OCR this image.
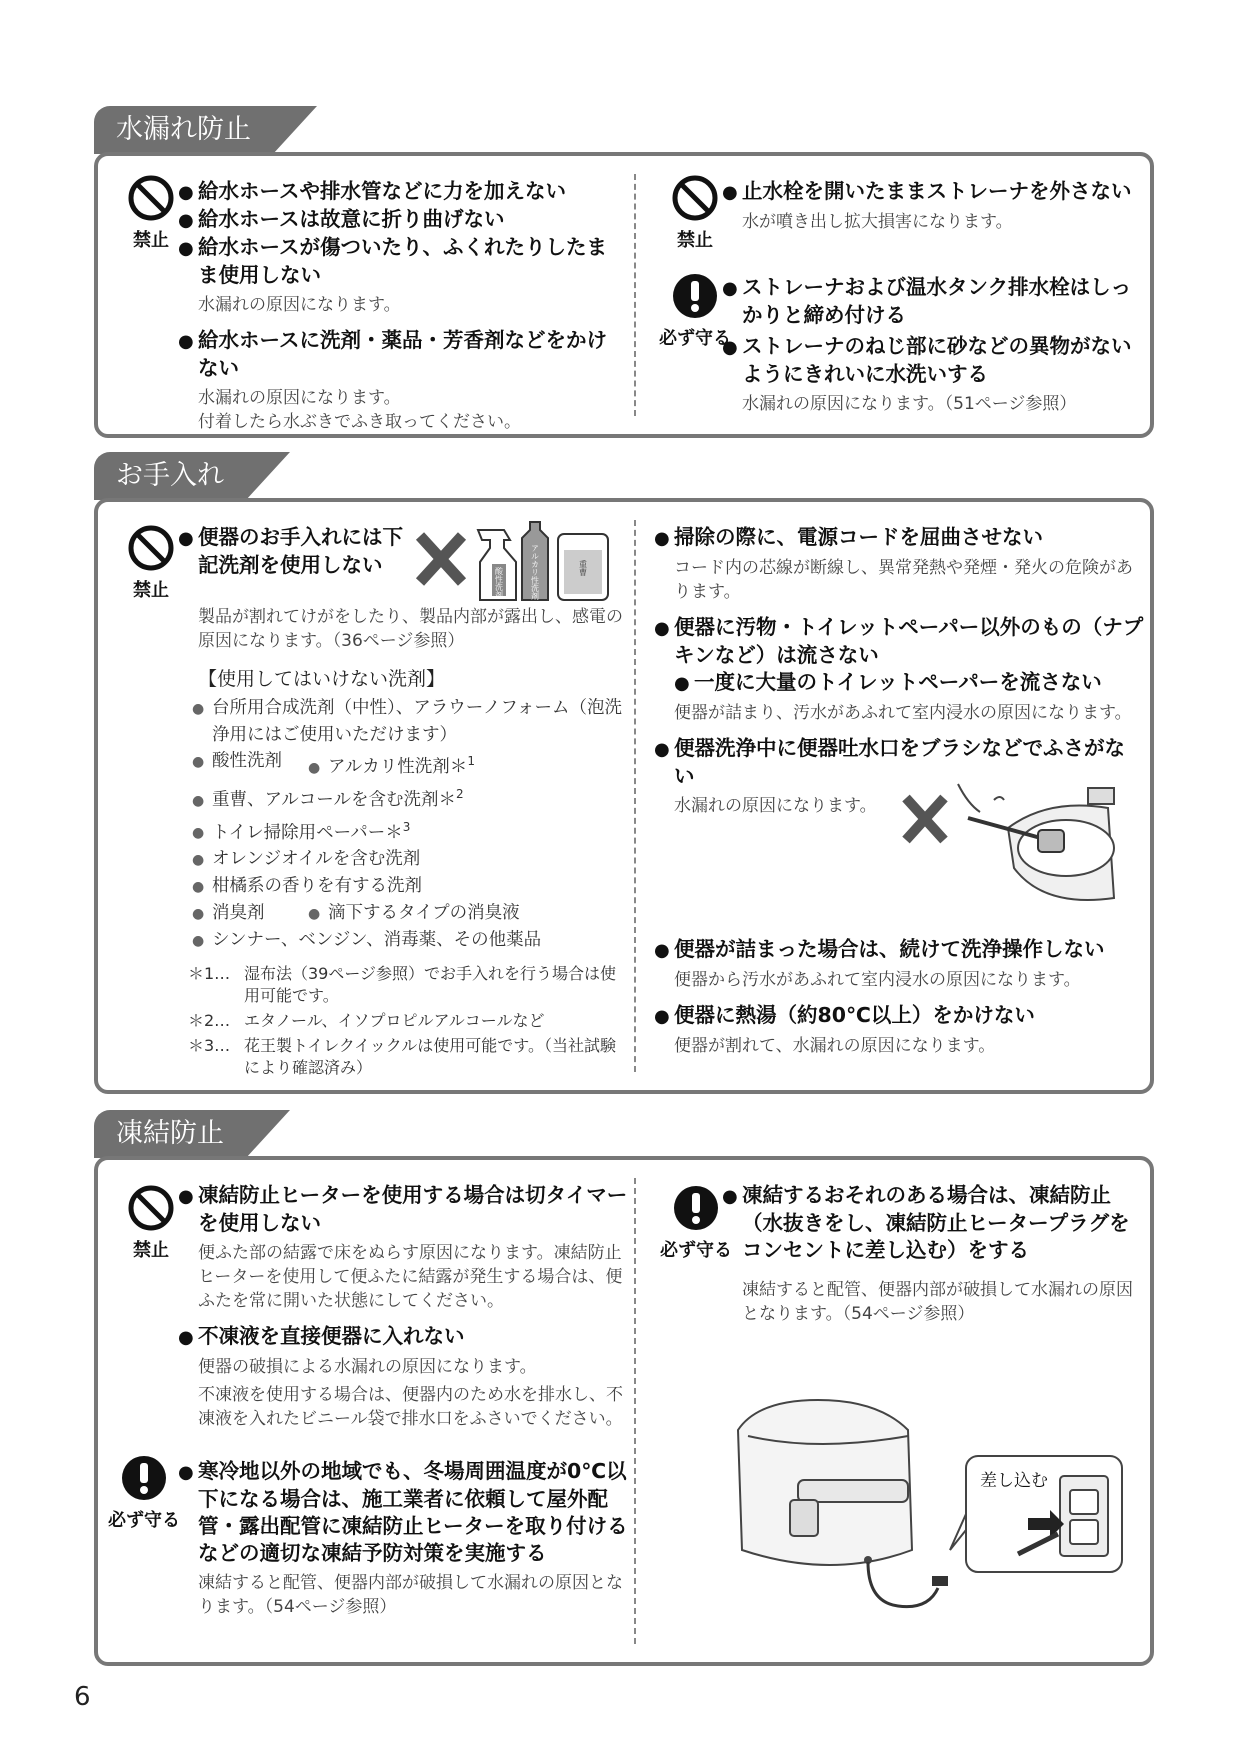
水漏れ防止
禁止
● 給水ホースや排水管などに力を加えない
● 給水ホースは故意に折り曲げない
● 給水ホースが傷ついたり、ふくれたりしたまま使用しない
水漏れの原因になります。
● 給水ホースに洗剤・薬品・芳香剤などをかけない
水漏れの原因になります。
付着したら水ぶきでふき取ってください。
禁止
● 止水栓を開いたままストレーナを外さない
水が噴き出し拡大損害になります。
必ず守る
● ストレーナおよび温水タンク排水栓はしっかりと締め付ける
● ストレーナのねじ部に砂などの異物がないようにきれいに水洗いする
水漏れの原因になります。（51ページ参照）
お手入れ
禁止
● 便器のお手入れには下記洗剤を使用しない
製品が割れてけがをしたり、製品内部が露出し、感電の原因になります。（36ページ参照）
【使用してはいけない洗剤】
● 台所用合成洗剤（中性）、アラウーノフォーム（泡洗浄用にはご使用いただけます）
● 酸性洗剤	● アルカリ性洗剤＊$^1$
● 重曹、アルコールを含む洗剤＊$^2$
● トイレ掃除用ペーパー＊$^3$
● オレンジオイルを含む洗剤
● 柑橘系の香りを有する洗剤
● 消臭剤	● 滴下するタイプの消臭液
● シンナー、ベンジン、消毒薬、その他薬品
＊1… 湿布法（39ページ参照）でお手入れを行う場合は使用可能です。
＊2… エタノール、イソプロピルアルコールなど
＊3… 花王製トイレクイックルは使用可能です。（当社試験により確認済み）
酸性洗剤	アルカリ性洗剤	重曹
● 掃除の際に、電源コードを屈曲させない
コード内の芯線が断線し、異常発熱や発煙・発火の危険があります。
● 便器に汚物・トイレットペーパー以外のもの（ナプキンなど）は流さない
● 一度に大量のトイレットペーパーを流さない
便器が詰まり、汚水があふれて室内浸水の原因になります。
● 便器洗浄中に便器吐水口をブラシなどでふさがない
水漏れの原因になります。
● 便器が詰まった場合は、続けて洗浄操作しない
便器から汚水があふれて室内浸水の原因になります。
● 便器に熱湯（約80℃以上）をかけない
便器が割れて、水漏れの原因になります。
凍結防止
禁止
● 凍結防止ヒーターを使用する場合は切タイマーを使用しない
便ふた部の結露で床をぬらす原因になります。凍結防止ヒーターを使用して便ふたに結露が発生する場合は、便ふたを常に開いた状態にしてください。
● 不凍液を直接便器に入れない
便器の破損による水漏れの原因になります。
不凍液を使用する場合は、便器内のため水を排水し、不凍液を入れたビニール袋で排水口をふさいでください。
必ず守る
● 寒冷地以外の地域でも、冬場周囲温度が0℃以下になる場合は、施工業者に依頼して屋外配管・露出配管に凍結防止ヒーターを取り付けるなどの適切な凍結予防対策を実施する
凍結すると配管、便器内部が破損して水漏れの原因となります。（54ページ参照）
必ず守る
● 凍結するおそれのある場合は、凍結防止（水抜きをし、凍結防止ヒータープラグをコンセントに差し込む）をする
凍結すると配管、便器内部が破損して水漏れの原因となります。（54ページ参照）
差し込む
6
